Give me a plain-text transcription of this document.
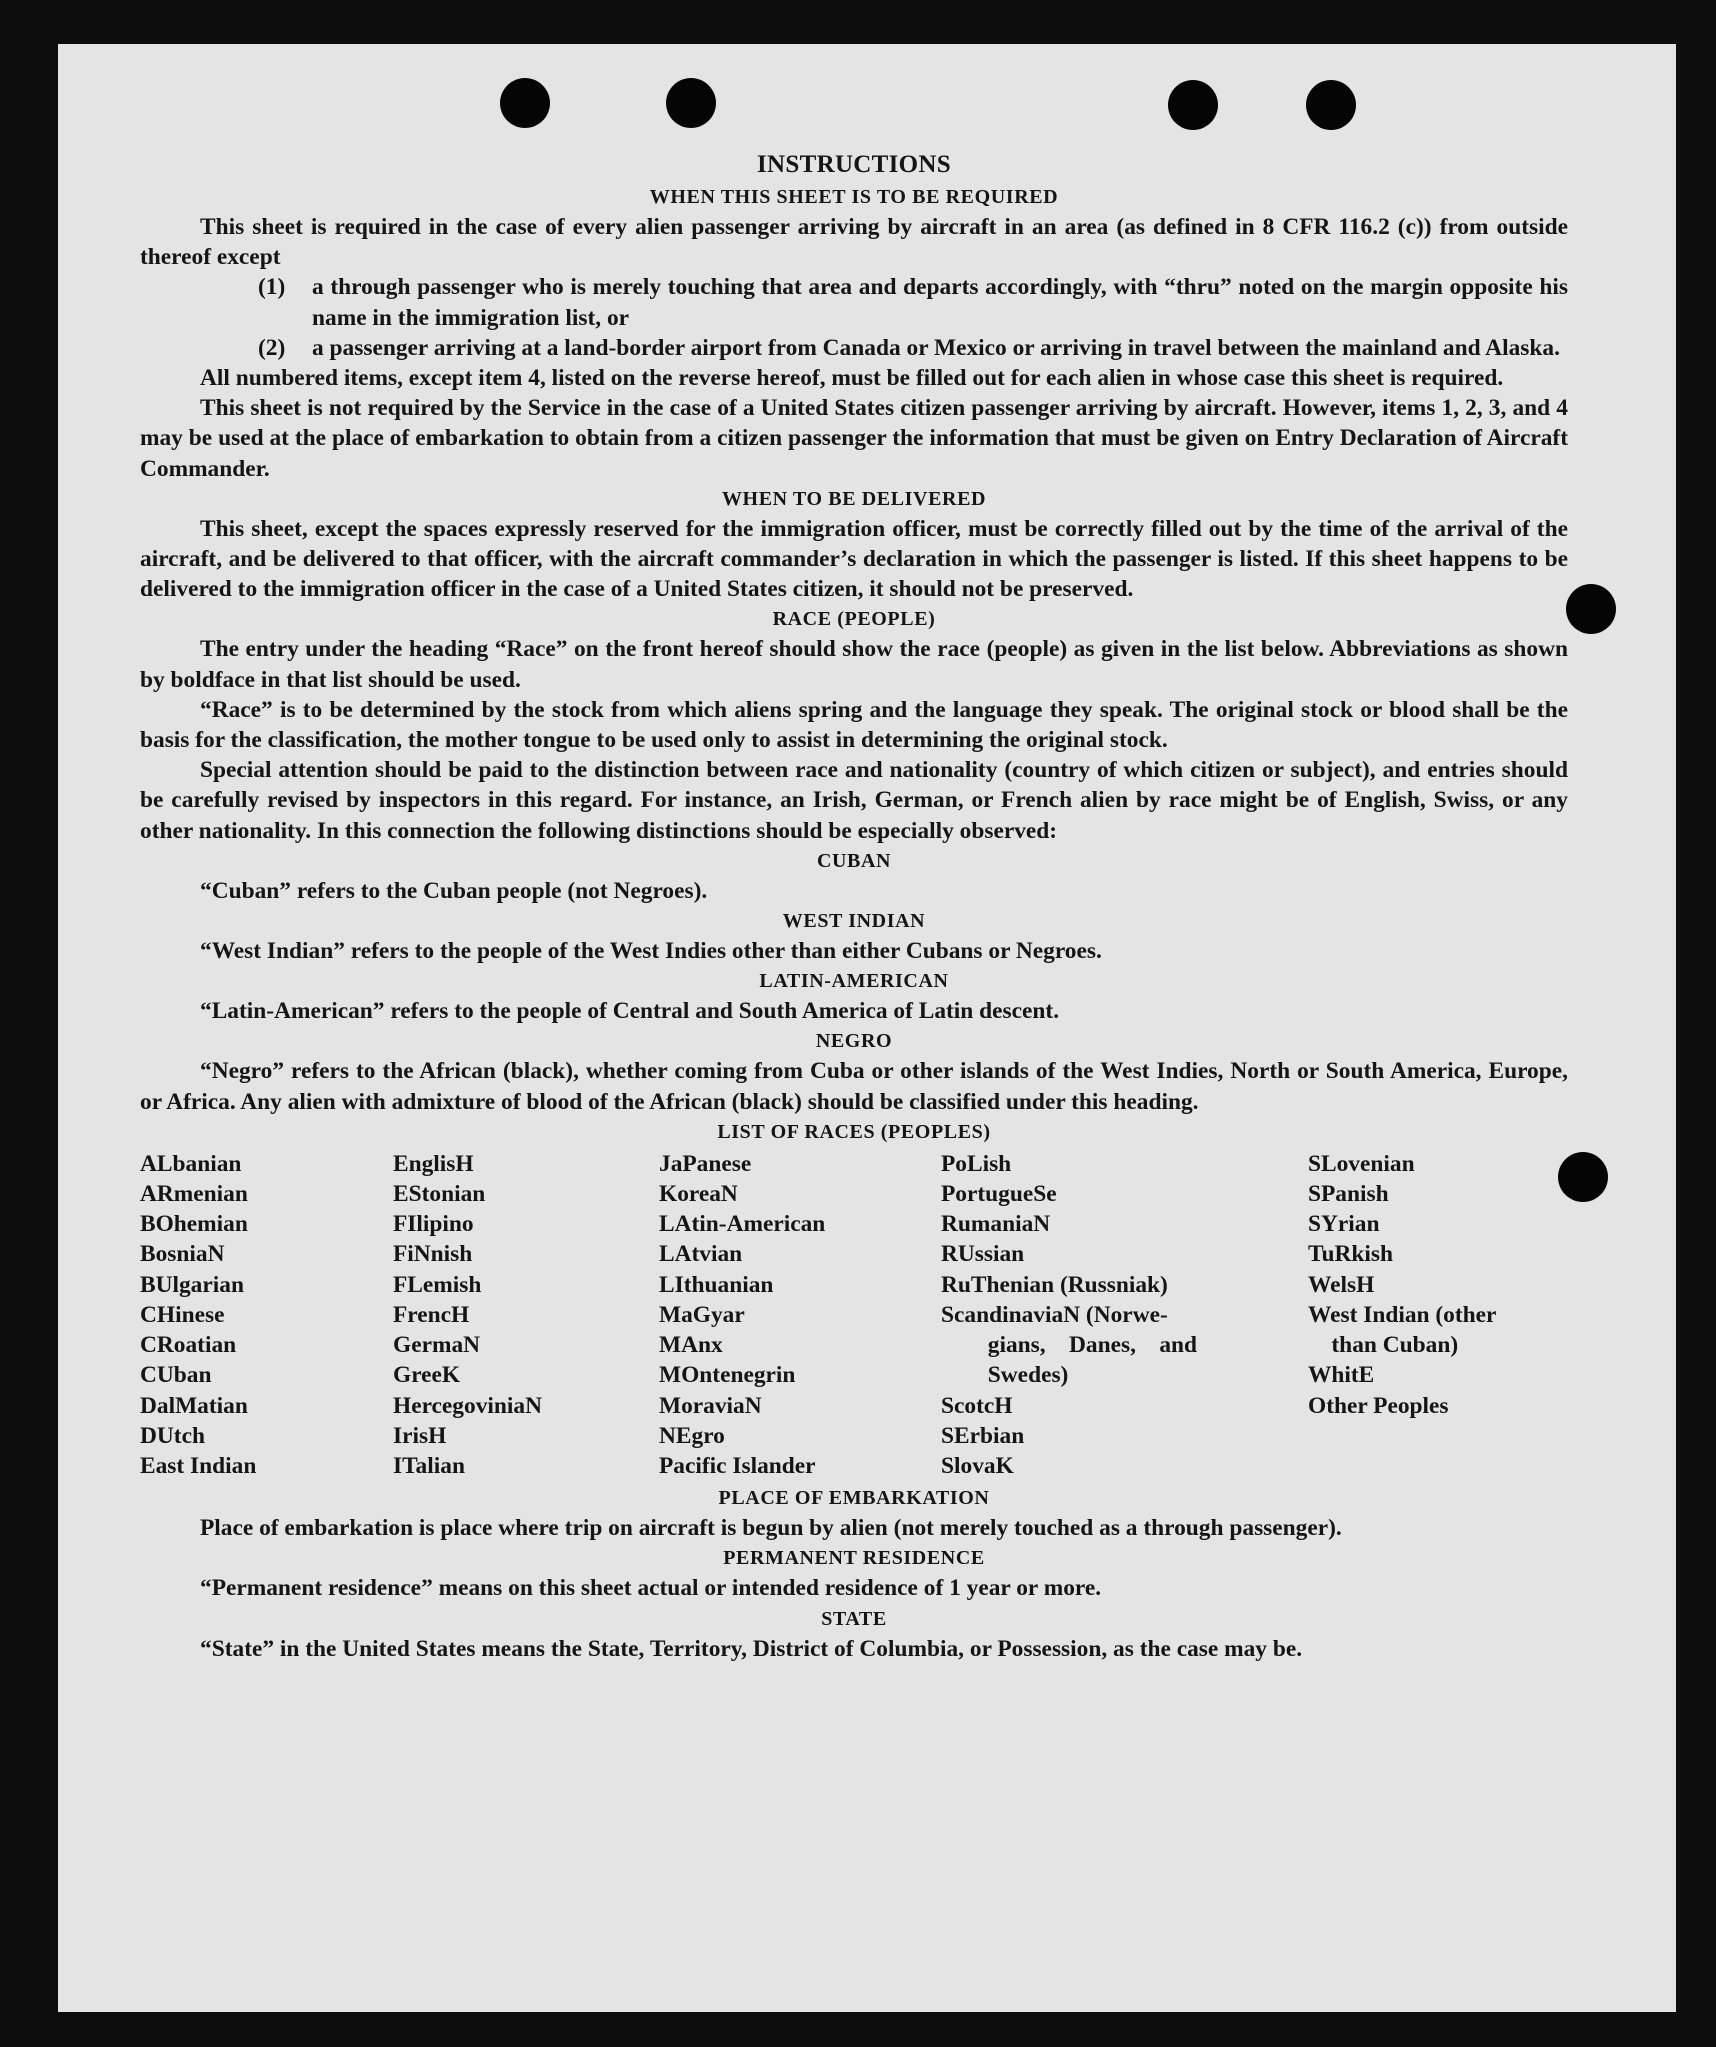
INSTRUCTIONS
WHEN THIS SHEET IS TO BE REQUIRED

This sheet is required in the case of every alien passenger arriving by aircraft in an area (as defined in 8 CFR 116.2 (c)) from outside thereof except

(1)	a through passenger who is merely touching that area and departs accordingly, with “thru” noted on the margin opposite his name in the immigration list, or
(2)	a passenger arriving at a land-border airport from Canada or Mexico or arriving in travel between the mainland and Alaska.

All numbered items, except item 4, listed on the reverse hereof, must be filled out for each alien in whose case this sheet is required.

This sheet is not required by the Service in the case of a United States citizen passenger arriving by aircraft. However, items 1, 2, 3, and 4 may be used at the place of embarkation to obtain from a citizen passenger the information that must be given on Entry Declaration of Aircraft Commander.

WHEN TO BE DELIVERED

This sheet, except the spaces expressly reserved for the immigration officer, must be correctly filled out by the time of the arrival of the aircraft, and be delivered to that officer, with the aircraft commander’s declaration in which the passenger is listed. If this sheet happens to be delivered to the immigration officer in the case of a United States citizen, it should not be preserved.

RACE (PEOPLE)

The entry under the heading “Race” on the front hereof should show the race (people) as given in the list below. Abbreviations as shown by boldface in that list should be used.

“Race” is to be determined by the stock from which aliens spring and the language they speak. The original stock or blood shall be the basis for the classification, the mother tongue to be used only to assist in determining the original stock.

Special attention should be paid to the distinction between race and nationality (country of which citizen or subject), and entries should be carefully revised by inspectors in this regard. For instance, an Irish, German, or French alien by race might be of English, Swiss, or any other nationality. In this connection the following distinctions should be especially observed:

CUBAN

“Cuban” refers to the Cuban people (not Negroes).

WEST INDIAN

“West Indian” refers to the people of the West Indies other than either Cubans or Negroes.

LATIN-AMERICAN

“Latin-American” refers to the people of Central and South America of Latin descent.

NEGRO

“Negro” refers to the African (black), whether coming from Cuba or other islands of the West Indies, North or South America, Europe, or Africa. Any alien with admixture of blood of the African (black) should be classified under this heading.

LIST OF RACES (PEOPLES)
ALbanian
ARmenian
BOhemian
BosniaN
BUlgarian
CHinese
CRoatian
CUban
DalMatian
DUtch
East Indian
EnglisH
EStonian
FIlipino
FiNnish
FLemish
FrencH
GermaN
GreeK
HercegoviniaN
IrisH
ITalian
JaPanese
KoreaN
LAtin-American
LAtvian
LIthuanian
MaGyar
MAnx
MOntenegrin
MoraviaN
NEgro
Pacific Islander
PoLish
PortugueSe
RumaniaN
RUssian
RuThenian (Russniak)
ScandinaviaN (Norwe-
  gians, Danes, and
  Swedes)
ScotcH
SErbian
SlovaK
SLovenian
SPanish
SYrian
TuRkish
WelsH
West Indian (other
 than Cuban)
WhitE
Other Peoples
PLACE OF EMBARKATION

Place of embarkation is place where trip on aircraft is begun by alien (not merely touched as a through passenger).

PERMANENT RESIDENCE

“Permanent residence” means on this sheet actual or intended residence of 1 year or more.

STATE

“State” in the United States means the State, Territory, District of Columbia, or Possession, as the case may be.
